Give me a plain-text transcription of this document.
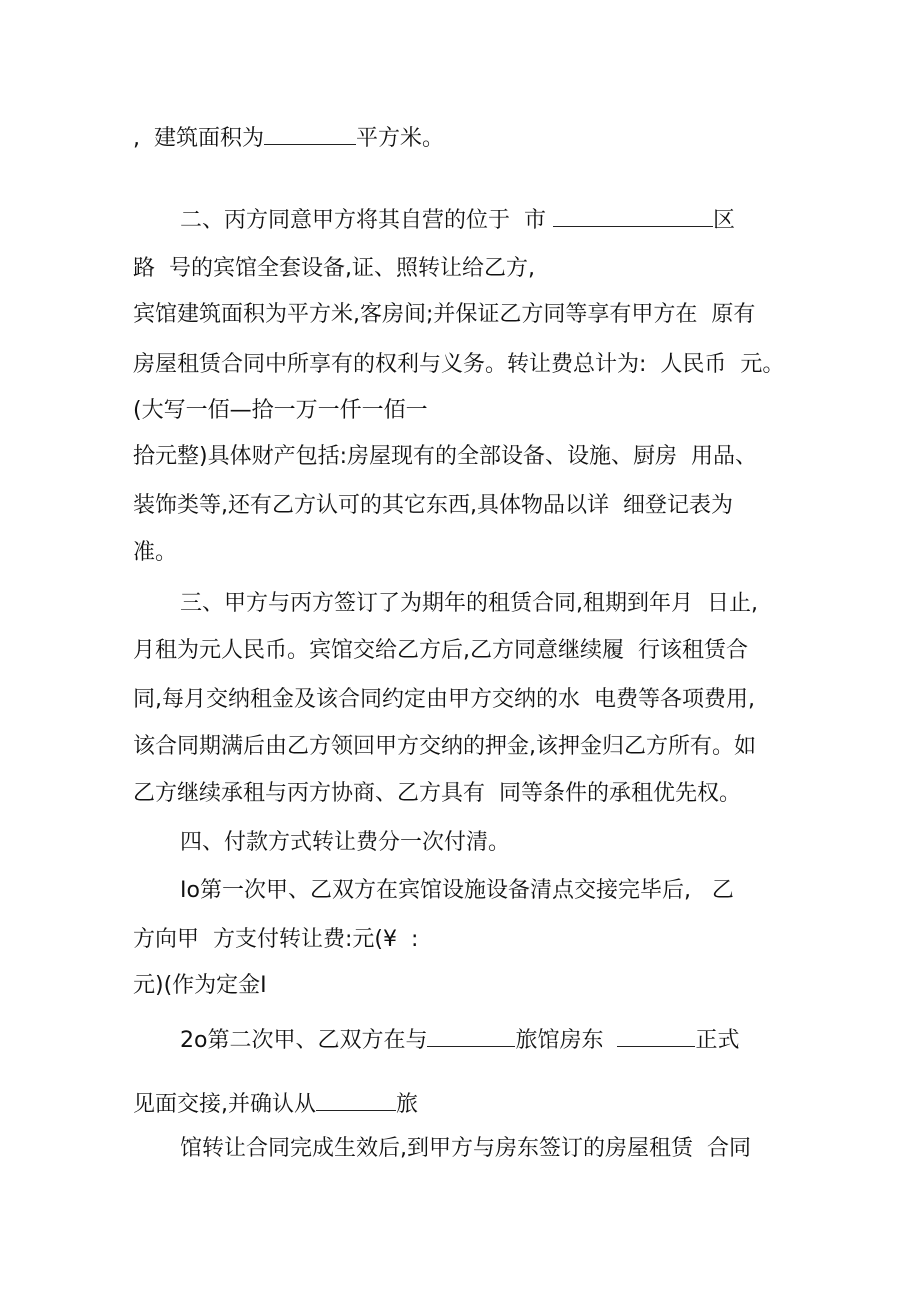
,  建筑面积为	平方米。

二、丙方同意甲方将其自营的位于  市	区

路  号的宾馆全套设备,证、照转让给乙方,

宾馆建筑面积为平方米,客房间;并保证乙方同等享有甲方在  原有

房屋租赁合同中所享有的权利与义务。转让费总计为:  人民币  元。

(大写一佰—拾一万一仟一佰一

拾元整)具体财产包括:房屋现有的全部设备、设施、厨房  用品、

装饰类等,还有乙方认可的其它东西,具体物品以详  细登记表为

准。

三、甲方与丙方签订了为期年的租赁合同,租期到年月  日止,

月租为元人民币。宾馆交给乙方后,乙方同意继续履  行该租赁合

同,每月交纳租金及该合同约定由甲方交纳的水  电费等各项费用,

该合同期满后由乙方领回甲方交纳的押金,该押金归乙方所有。如

乙方继续承租与丙方协商、乙方具有  同等条件的承租优先权。

四、付款方式转让费分一次付清。

Io第一次甲、乙双方在宾馆设施设备清点交接完毕后,   乙

方向甲  方支付转让费:元(¥  :

元)(作为定金I

2o第二次甲、乙双方在与	旅馆房东	正式

见面交接,并确认从	旅

馆转让合同完成生效后,到甲方与房东签订的房屋租赁  合同
